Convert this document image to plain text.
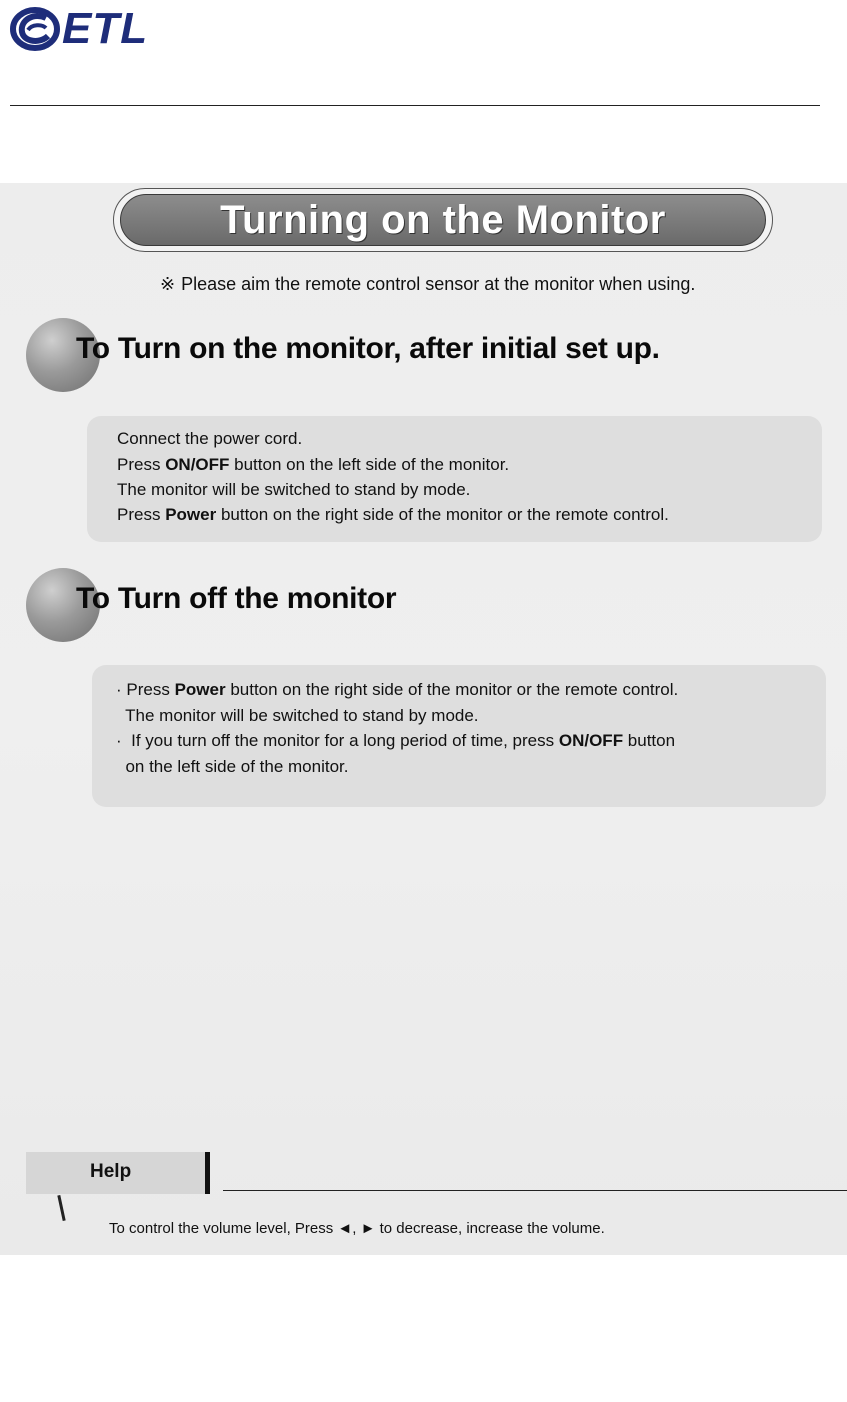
ETL
Turning on the Monitor
※ Please aim the remote control sensor at the monitor when using.
To Turn on the monitor, after initial set up.
Connect the power cord.
Press ON/OFF button on the left side of the monitor.
The monitor will be switched to stand by mode.
Press Power button on the right side of the monitor or the remote control.
To Turn off the monitor
· Press Power button on the right side of the monitor or the remote control.
The monitor will be switched to stand by mode.
·  If you turn off the monitor for a long period of time, press ON/OFF button
on the left side of the monitor.
Help
To control the volume level, Press ◄, ► to decrease, increase the volume.
